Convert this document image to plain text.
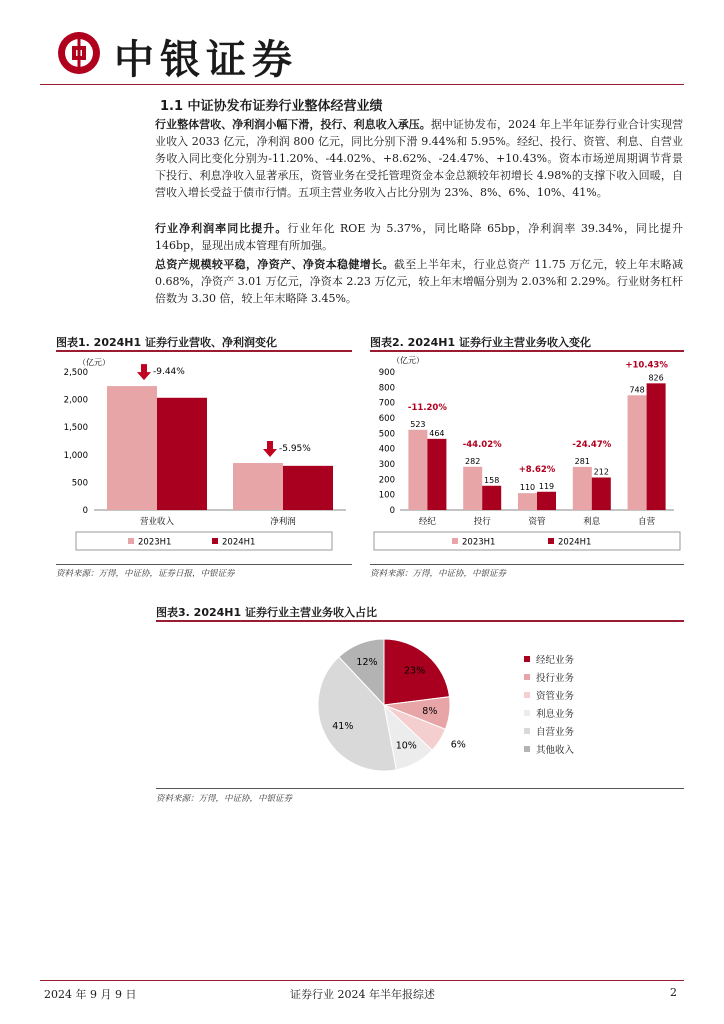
中银证券
1.1 中证协发布证券行业整体经营业绩
行业整体营收、净利润小幅下滑，投行、利息收入承压。据中证协发布，2024 年上半年证券行业合计实现营业收入 2033 亿元，净利润 800 亿元，同比分别下滑 9.44%和 5.95%。经纪、投行、资管、利息、自营业务收入同比变化分别为-11.20%、-44.02%、+8.62%、-24.47%、+10.43%。资本市场逆周期调节背景下投行、利息净收入显著承压，资管业务在受托管理资金本金总额较年初增长 4.98%的支撑下收入回暖，自营收入增长受益于债市行情。五项主营业务收入占比分别为 23%、8%、6%、10%、41%。
行业净利润率同比提升。行业年化 ROE 为 5.37%，同比略降 65bp，净利润率 39.34%，同比提升 146bp，显现出成本管理有所加强。
总资产规模较平稳，净资产、净资本稳健增长。截至上半年末，行业总资产 11.75 万亿元，较上年末略减 0.68%，净资产 3.01 万亿元，净资本 2.23 万亿元，较上年末增幅分别为 2.03%和 2.29%。行业财务杠杆倍数为 3.30 倍，较上年末略降 3.45%。
图表1. 2024H1 证券行业营收、净利润变化
（亿元）
0
500
1,000
1,500
2,000
2,500
营业收入
-9.44%
净利润
-5.95%
2023H1	2024H1
资料来源：万得，中证协，证券日报，中银证券
图表2. 2024H1 证券行业主营业务收入变化
（亿元）
0
100
200
300
400
500
600
700
800
900
523
464
经纪
-11.20%
282
158
投行
-44.02%
110 119
资管
+8.62%
281
212
利息
-24.47%
748
826
自营
+10.43%
2023H1	2024H1
资料来源：万得，中证协，中银证券
图表3. 2024H1 证券行业主营业务收入占比
23%
8%
6%
10%
41%
12%	经纪业务
投行业务
资管业务
利息业务
自营业务
其他收入
资料来源：万得，中证协，中银证券
2024 年 9 月 9 日	证券行业 2024 年半年报综述	2
